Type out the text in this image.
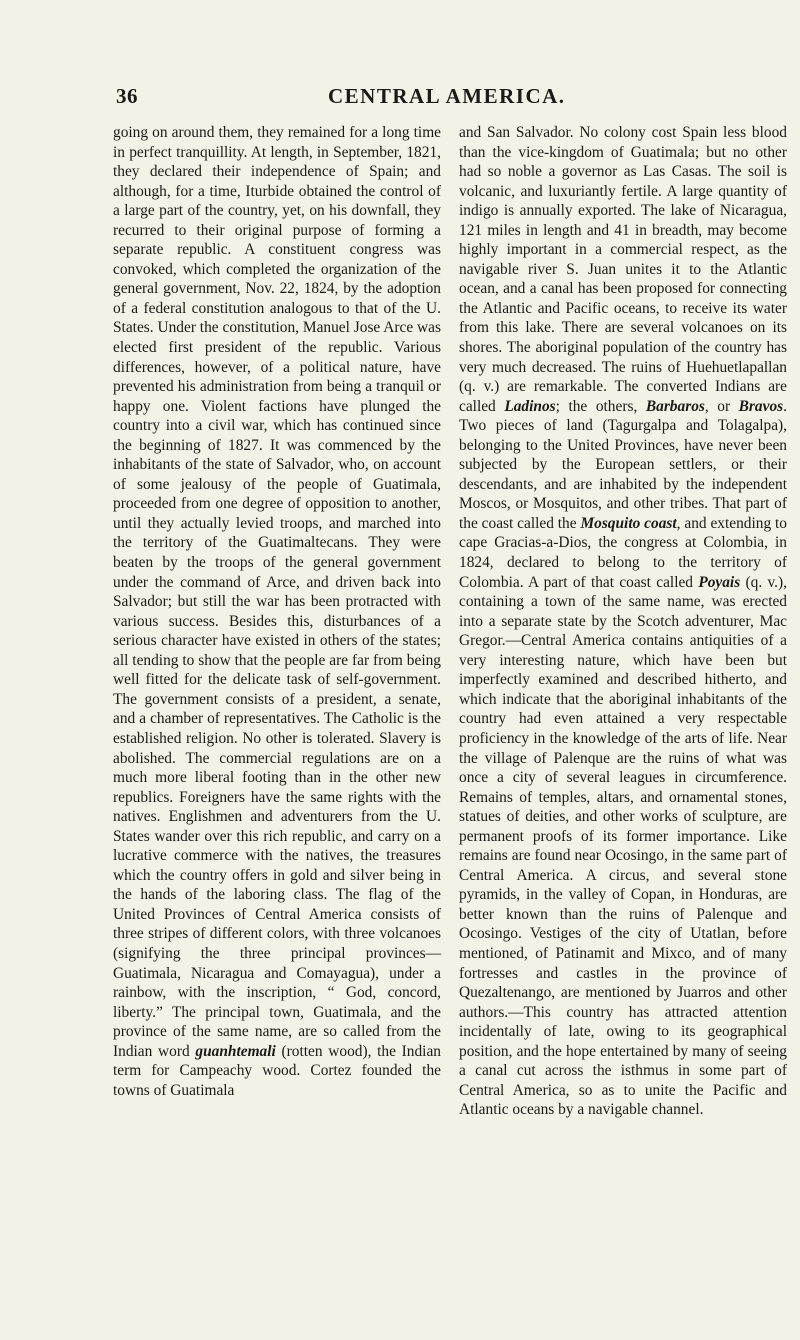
36	CENTRAL AMERICA.

going on around them, they remained for a long time in perfect tranquillity. At length, in September, 1821, they declared their independence of Spain; and although, for a time, Iturbide obtained the control of a large part of the country, yet, on his downfall, they recurred to their original purpose of forming a separate republic. A constituent congress was convoked, which completed the organization of the general government, Nov. 22, 1824, by the adoption of a federal constitution analogous to that of the U. States. Under the constitution, Manuel Jose Arce was elected first president of the republic. Various differences, however, of a political nature, have prevented his administration from being a tranquil or happy one. Violent factions have plunged the country into a civil war, which has continued since the beginning of 1827. It was commenced by the inhabitants of the state of Salvador, who, on account of some jealousy of the people of Guatimala, proceeded from one degree of opposition to another, until they actually levied troops, and marched into the territory of the Guatimaltecans. They were beaten by the troops of the general government under the command of Arce, and driven back into Salvador; but still the war has been protracted with various success. Besides this, disturbances of a serious character have existed in others of the states; all tending to show that the people are far from being well fitted for the delicate task of self-government. The government consists of a president, a senate, and a chamber of representatives. The Catholic is the established religion. No other is tolerated. Slavery is abolished. The commercial regulations are on a much more liberal footing than in the other new republics. Foreigners have the same rights with the natives. Englishmen and adventurers from the U. States wander over this rich republic, and carry on a lucrative commerce with the natives, the treasures which the country offers in gold and silver being in the hands of the laboring class. The flag of the United Provinces of Central America consists of three stripes of different colors, with three volcanoes (signifying the three principal provinces—Guatimala, Nicaragua and Comayagua), under a rainbow, with the inscription, “ God, concord, liberty.” The principal town, Guatimala, and the province of the same name, are so called from the Indian word guanhtemali (rotten wood), the Indian term for Campeachy wood. Cortez founded the towns of Guatimala

and San Salvador. No colony cost Spain less blood than the vice-kingdom of Guatimala; but no other had so noble a governor as Las Casas. The soil is volcanic, and luxuriantly fertile. A large quantity of indigo is annually exported. The lake of Nicaragua, 121 miles in length and 41 in breadth, may become highly important in a commercial respect, as the navigable river S. Juan unites it to the Atlantic ocean, and a canal has been proposed for connecting the Atlantic and Pacific oceans, to receive its water from this lake. There are several volcanoes on its shores. The aboriginal population of the country has very much decreased. The ruins of Huehuetlapallan (q. v.) are remarkable. The converted Indians are called Ladinos; the others, Barbaros, or Bravos. Two pieces of land (Tagurgalpa and Tolagalpa), belonging to the United Provinces, have never been subjected by the European settlers, or their descendants, and are inhabited by the independent Moscos, or Mosquitos, and other tribes. That part of the coast called the Mosquito coast, and extending to cape Gracias-a-Dios, the congress at Colombia, in 1824, declared to belong to the territory of Colombia. A part of that coast called Poyais (q. v.), containing a town of the same name, was erected into a separate state by the Scotch adventurer, Mac Gregor.—Central America contains antiquities of a very interesting nature, which have been but imperfectly examined and described hitherto, and which indicate that the aboriginal inhabitants of the country had even attained a very respectable proficiency in the knowledge of the arts of life. Near the village of Palenque are the ruins of what was once a city of several leagues in circumference. Remains of temples, altars, and ornamental stones, statues of deities, and other works of sculpture, are permanent proofs of its former importance. Like remains are found near Ocosingo, in the same part of Central America. A circus, and several stone pyramids, in the valley of Copan, in Honduras, are better known than the ruins of Palenque and Ocosingo. Vestiges of the city of Utatlan, before mentioned, of Patinamit and Mixco, and of many fortresses and castles in the province of Quezaltenango, are mentioned by Juarros and other authors.—This country has attracted attention incidentally of late, owing to its geographical position, and the hope entertained by many of seeing a canal cut across the isthmus in some part of Central America, so as to unite the Pacific and Atlantic oceans by a navigable channel.
